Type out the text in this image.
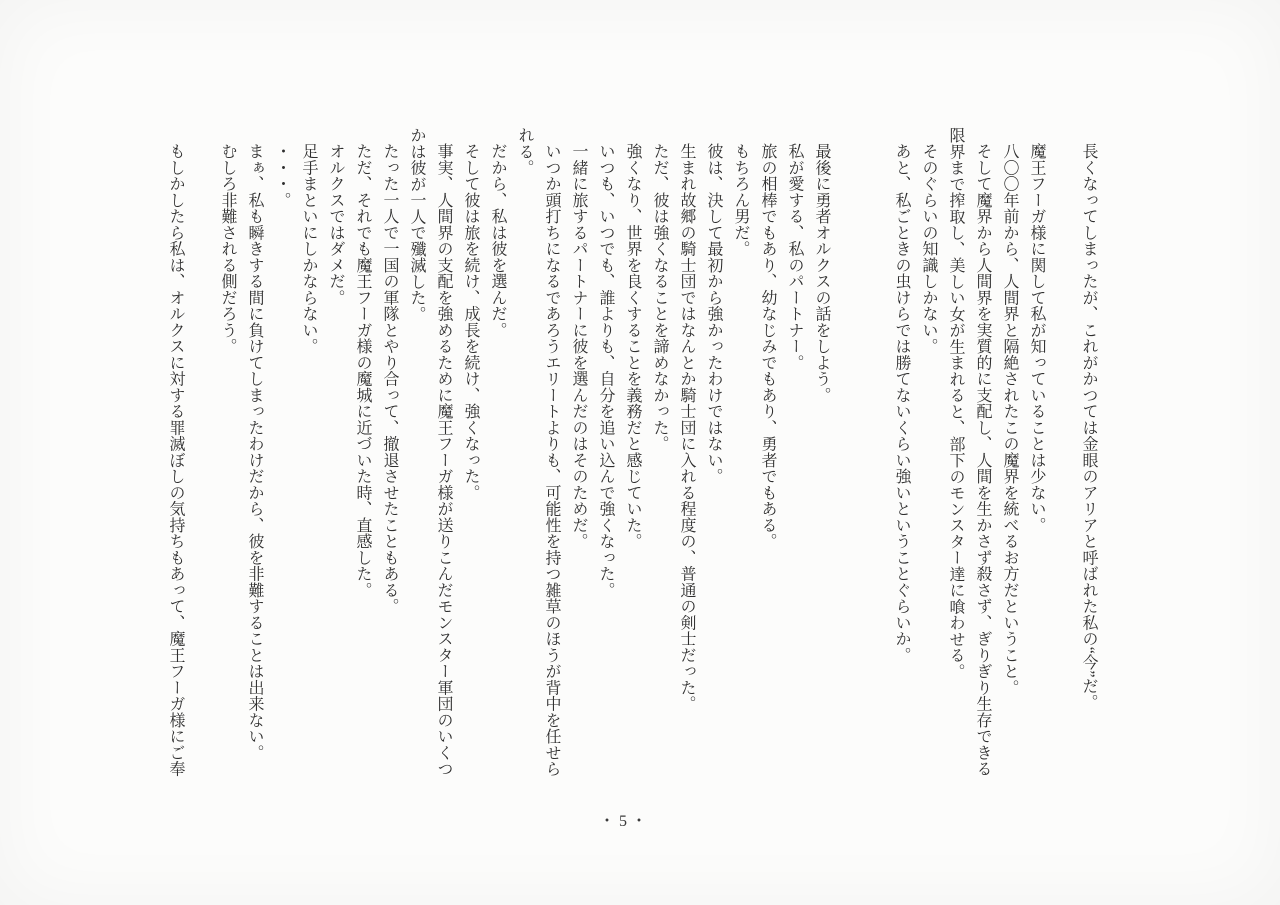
長くなってしまったが、これがかつては金眼のアリアと呼ばれた私の“今”だ。

魔王フーガ様に関して私が知っていることは少ない。

八〇〇年前から、人間界と隔絶されたこの魔界を統べるお方だということ。

そして魔界から人間界を実質的に支配し、人間を生かさず殺さず、ぎりぎり生存できる限界まで搾取し、美しい女が生まれると、部下のモンスター達に喰わせる。

そのぐらいの知識しかない。

あと、私ごときの虫けらでは勝てないくらい強いということぐらいか。

最後に勇者オルクスの話をしよう。

私が愛する、私のパートナー。

旅の相棒でもあり、幼なじみでもあり、勇者でもある。

もちろん男だ。

彼は、決して最初から強かったわけではない。

生まれ故郷の騎士団ではなんとか騎士団に入れる程度の、普通の剣士だった。

ただ、彼は強くなることを諦めなかった。

強くなり、世界を良くすることを義務だと感じていた。

いつも、いつでも、誰よりも、自分を追い込んで強くなった。

一緒に旅するパートナーに彼を選んだのはそのためだ。

いつか頭打ちになるであろうエリートよりも、可能性を持つ雑草のほうが背中を任せられる。

だから、私は彼を選んだ。

そして彼は旅を続け、成長を続け、強くなった。

事実、人間界の支配を強めるために魔王フーガ様が送りこんだモンスター軍団のいくつかは彼が一人で殲滅した。

たった一人で一国の軍隊とやり合って、撤退させたこともある。

ただ、それでも魔王フーガ様の魔城に近づいた時、直感した。

オルクスではダメだ。

足手まといにしかならない。

・・・。

まぁ、私も瞬きする間に負けてしまったわけだから、彼を非難することは出来ない。

むしろ非難される側だろう。

もしかしたら私は、オルクスに対する罪滅ぼしの気持ちもあって、魔王フーガ様にご奉

・5・
